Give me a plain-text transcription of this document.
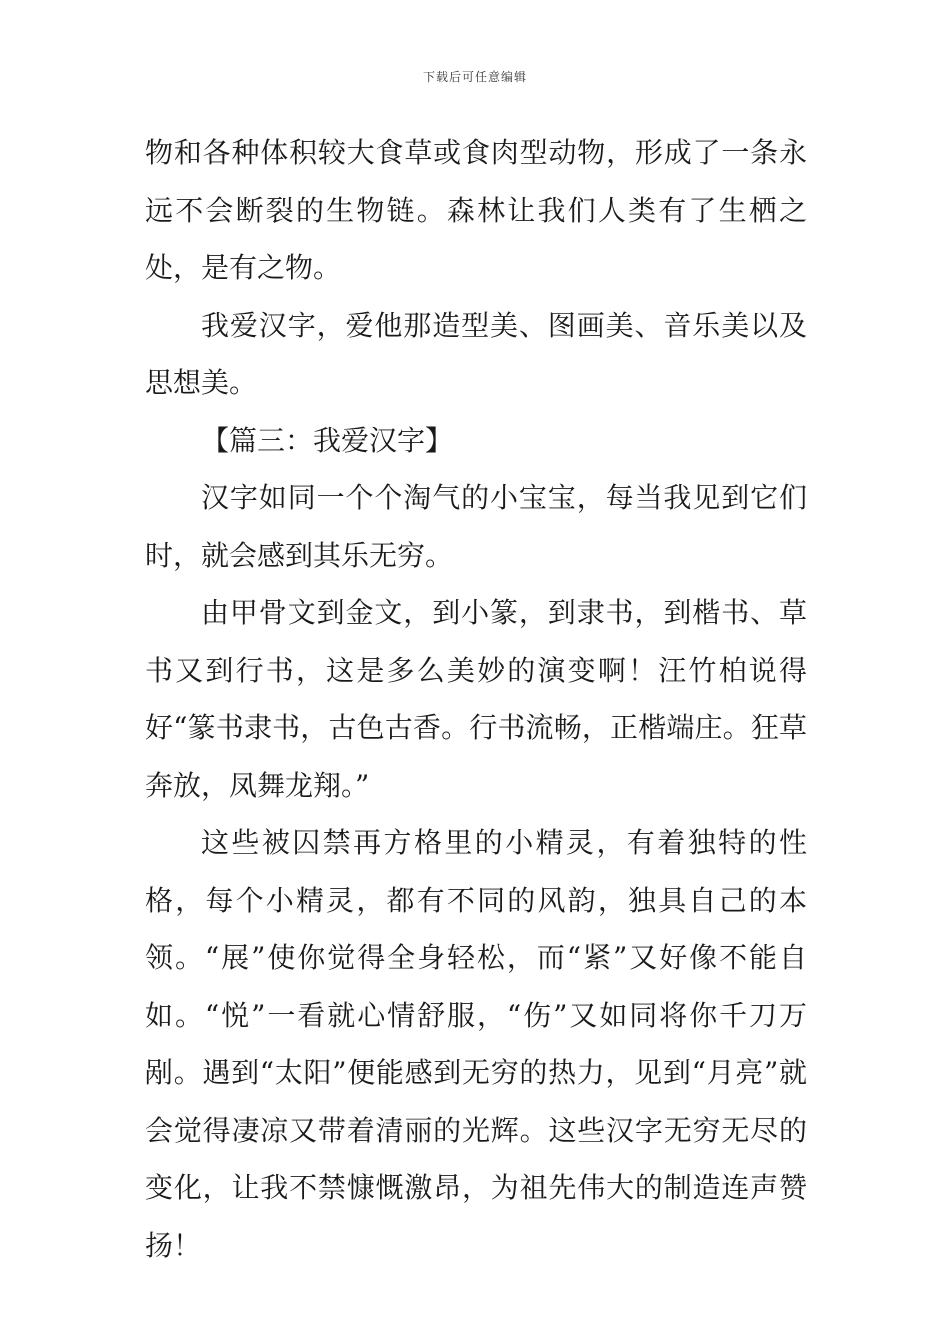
下载后可任意编辑

物和各种体积较大食草或食肉型动物，形成了一条永远不会断裂的生物链。森林让我们人类有了生栖之处，是有之物。

我爱汉字，爱他那造型美、图画美、音乐美以及思想美。

【篇三：我爱汉字】

汉字如同一个个淘气的小宝宝，每当我见到它们时，就会感到其乐无穷。

由甲骨文到金文，到小篆，到隶书，到楷书、草书又到行书，这是多么美妙的演变啊！汪竹柏说得好“篆书隶书，古色古香。行书流畅，正楷端庄。狂草奔放，凤舞龙翔。”

这些被囚禁再方格里的小精灵，有着独特的性格，每个小精灵，都有不同的风韵，独具自己的本领。“展”使你觉得全身轻松，而“紧”又好像不能自如。“悦”一看就心情舒服，“伤”又如同将你千刀万剐。遇到“太阳”便能感到无穷的热力，见到“月亮”就会觉得凄凉又带着清丽的光辉。这些汉字无穷无尽的变化，让我不禁慷慨激昂，为祖先伟大的制造连声赞扬！
